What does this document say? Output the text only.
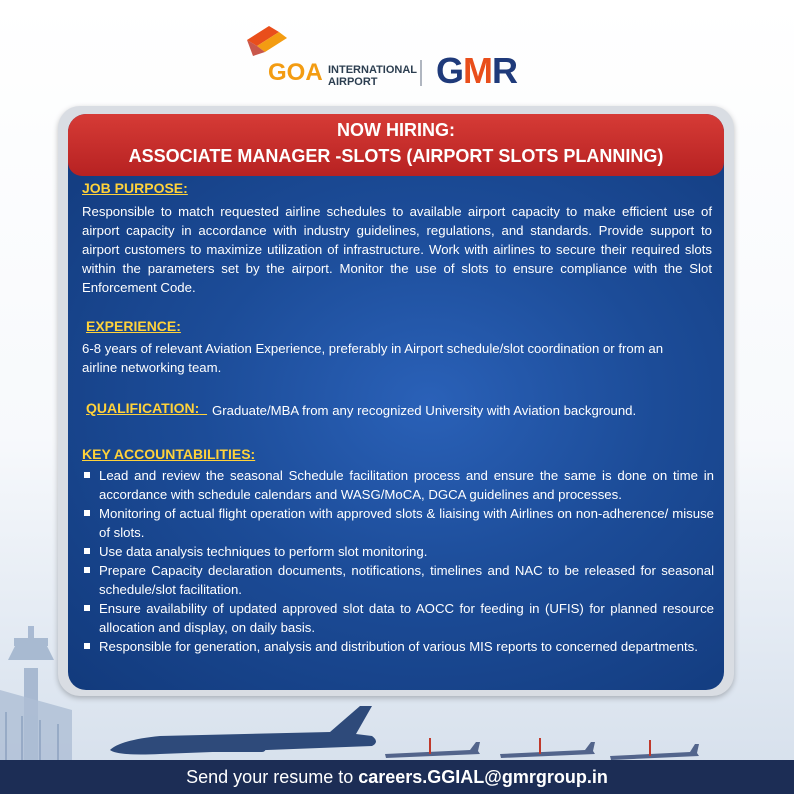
GOA INTERNATIONAL
AIRPORT	GMR
NOW HIRING:
ASSOCIATE MANAGER -SLOTS (AIRPORT SLOTS PLANNING)
JOB PURPOSE:
Responsible to match requested airline schedules to available airport capacity to make efficient use of airport capacity in accordance with industry guidelines, regulations, and standards. Provide support to airport customers to maximize utilization of infrastructure. Work with airlines to secure their required slots within the parameters set by the airport. Monitor the use of slots to ensure compliance with the Slot Enforcement Code.
EXPERIENCE:
6-8 years of relevant Aviation Experience, preferably in Airport schedule/slot coordination or from an airline networking team.
QUALIFICATION: Graduate/MBA from any recognized University with Aviation background.
KEY ACCOUNTABILITIES:
Lead and review the seasonal Schedule facilitation process and ensure the same is done on time in accordance with schedule calendars and WASG/MoCA, DGCA guidelines and processes.
Monitoring of actual flight operation with approved slots & liaising with Airlines on non-adherence/ misuse of slots.
Use data analysis techniques to perform slot monitoring.
Prepare Capacity declaration documents, notifications, timelines and NAC to be released for seasonal schedule/slot facilitation.
Ensure availability of updated approved slot data to AOCC for feeding in (UFIS) for planned resource allocation and display, on daily basis.
Responsible for generation, analysis and distribution of various MIS reports to concerned departments.
Send your resume to careers.GGIAL@gmrgroup.in
